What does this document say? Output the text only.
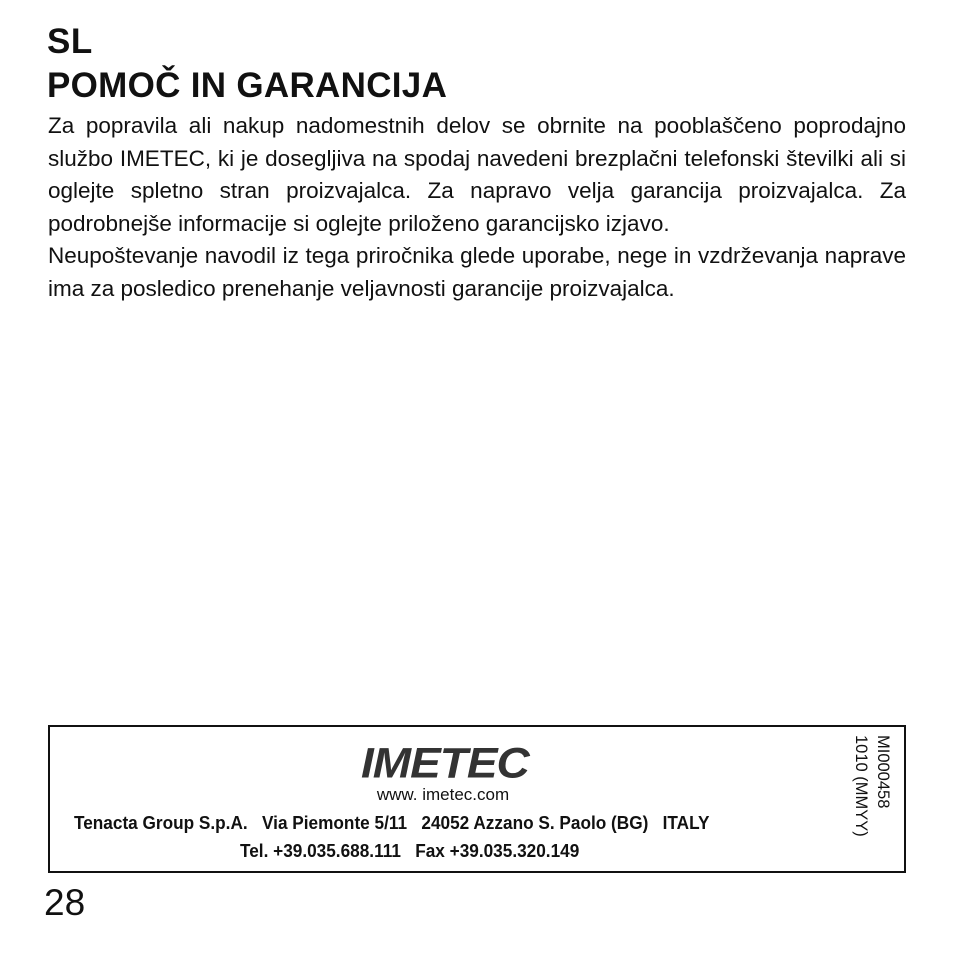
SL
POMOČ IN GARANCIJA

Za popravila ali nakup nadomestnih delov se obrnite na pooblaščeno poprodajno službo IMETEC, ki je dosegljiva na spodaj navedeni brezplačni telefonski številki ali si oglejte spletno stran proizvajalca. Za napravo velja garancija proizvajalca. Za podrobnejše informacije si oglejte priloženo garancijsko izjavo.

Neupoštevanje navodil iz tega priročnika glede uporabe, nege in vzdrževanja naprave ima za posledico prenehanje veljavnosti garancije proizvajalca.

IMETEC
www. imetec.com
Tenacta Group S.p.A.   Via Piemonte 5/11   24052 Azzano S. Paolo (BG)   ITALY
Tel. +39.035.688.111   Fax +39.035.320.149
MI000458
1010 (MMYY)
28
